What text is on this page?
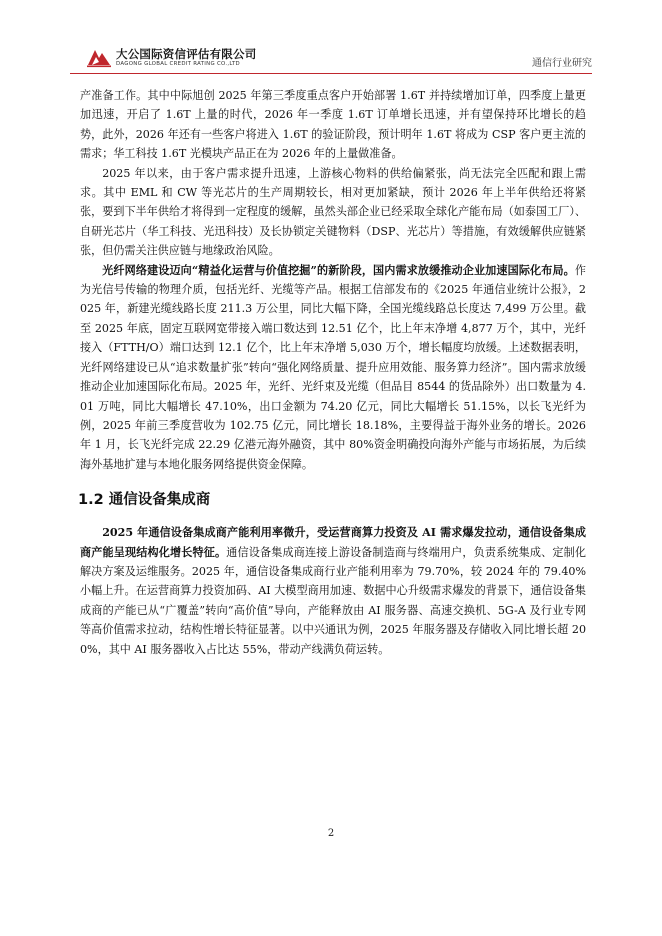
大公国际资信评估有限公司
DAGONG GLOBAL CREDIT RATING CO.,LTD	通信行业研究

产准备工作。其中中际旭创 2025 年第三季度重点客户开始部署 1.6T 并持续增加订单，四季度上量更加迅速，开启了 1.6T 上量的时代，2026 年一季度 1.6T 订单增长迅速，并有望保持环比增长的趋势，此外，2026 年还有一些客户将进入 1.6T 的验证阶段，预计明年 1.6T 将成为 CSP 客户更主流的需求；华工科技 1.6T 光模块产品正在为 2026 年的上量做准备。

2025 年以来，由于客户需求提升迅速，上游核心物料的供给偏紧张，尚无法完全匹配和跟上需求。其中 EML 和 CW 等光芯片的生产周期较长，相对更加紧缺，预计 2026 年上半年供给还将紧张，要到下半年供给才将得到一定程度的缓解，虽然头部企业已经采取全球化产能布局（如泰国工厂）、自研光芯片（华工科技、光迅科技）及长协锁定关键物料（DSP、光芯片）等措施，有效缓解供应链紧张，但仍需关注供应链与地缘政治风险。

光纤网络建设迈向“精益化运营与价值挖掘”的新阶段，国内需求放缓推动企业加速国际化布局。作为光信号传输的物理介质，包括光纤、光缆等产品。根据工信部发布的《2025 年通信业统计公报》，2025 年，新建光缆线路长度 211.3 万公里，同比大幅下降，全国光缆线路总长度达 7,499 万公里。截至 2025 年底，固定互联网宽带接入端口数达到 12.51 亿个，比上年末净增 4,877 万个，其中，光纤接入（FTTH/O）端口达到 12.1 亿个，比上年末净增 5,030 万个，增长幅度均放缓。上述数据表明，光纤网络建设已从“追求数量扩张”转向“强化网络质量、提升应用效能、服务算力经济”。国内需求放缓推动企业加速国际化布局。2025 年，光纤、光纤束及光缆（但品目 8544 的货品除外）出口数量为 4.01 万吨，同比大幅增长 47.10%，出口金额为 74.20 亿元，同比大幅增长 51.15%，以长飞光纤为例，2025 年前三季度营收为 102.75 亿元，同比增长 18.18%，主要得益于海外业务的增长。2026 年 1 月，长飞光纤完成 22.29 亿港元海外融资，其中 80%资金明确投向海外产能与市场拓展，为后续海外基地扩建与本地化服务网络提供资金保障。

1.2 通信设备集成商

2025 年通信设备集成商产能利用率微升，受运营商算力投资及 AI 需求爆发拉动，通信设备集成商产能呈现结构化增长特征。通信设备集成商连接上游设备制造商与终端用户，负责系统集成、定制化解决方案及运维服务。2025 年，通信设备集成商行业产能利用率为 79.70%，较 2024 年的 79.40%小幅上升。在运营商算力投资加码、AI 大模型商用加速、数据中心升级需求爆发的背景下，通信设备集成商的产能已从“广覆盖”转向“高价值”导向，产能释放由 AI 服务器、高速交换机、5G-A 及行业专网等高价值需求拉动，结构性增长特征显著。以中兴通讯为例，2025 年服务器及存储收入同比增长超 200%，其中 AI 服务器收入占比达 55%，带动产线满负荷运转。

2
